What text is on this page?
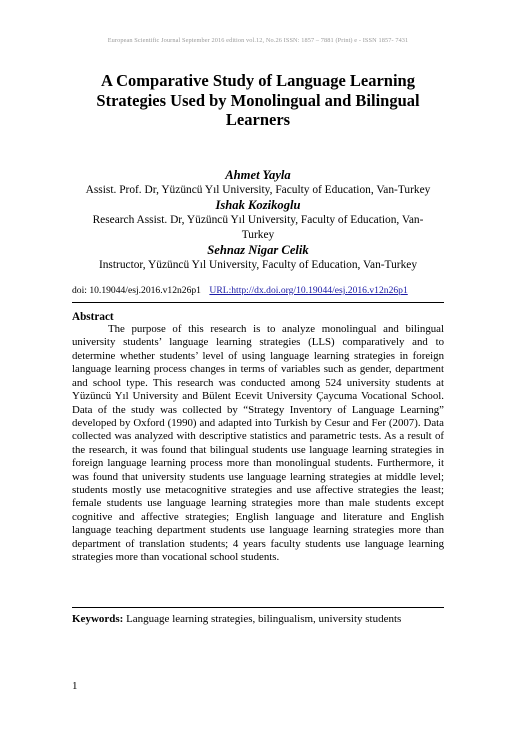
European Scientific Journal September 2016 edition vol.12, No.26 ISSN: 1857 – 7881 (Print) e - ISSN 1857- 7431
A Comparative Study of Language Learning
Strategies Used by Monolingual and Bilingual
Learners
Ahmet Yayla
Assist. Prof. Dr, Yüzüncü Yıl University, Faculty of Education, Van-Turkey
Ishak Kozikoglu
Research Assist. Dr, Yüzüncü Yıl University, Faculty of Education, Van-
Turkey
Sehnaz Nigar Celik
Instructor, Yüzüncü Yıl University, Faculty of Education, Van-Turkey
doi: 10.19044/esj.2016.v12n26p1 URL:http://dx.doi.org/10.19044/esj.2016.v12n26p1
Abstract
The purpose of this research is to analyze monolingual and bilingual university students’ language learning strategies (LLS) comparatively and to determine whether students’ level of using language learning strategies in foreign language learning process changes in terms of variables such as gender, department and school type. This research was conducted among 524 university students at Yüzüncü Yıl University and Bülent Ecevit University Çaycuma Vocational School. Data of the study was collected by “Strategy Inventory of Language Learning” developed by Oxford (1990) and adapted into Turkish by Cesur and Fer (2007). Data collected was analyzed with descriptive statistics and parametric tests. As a result of the research, it was found that bilingual students use language learning strategies in foreign language learning process more than monolingual students. Furthermore, it was found that university students use language learning strategies at middle level; students mostly use metacognitive strategies and use affective strategies the least; female students use language learning strategies more than male students except cognitive and affective strategies; English language and literature and English language teaching department students use language learning strategies more than department of translation students; 4 years faculty students use language learning strategies more than vocational school students.
Keywords: Language learning strategies, bilingualism, university students
1
